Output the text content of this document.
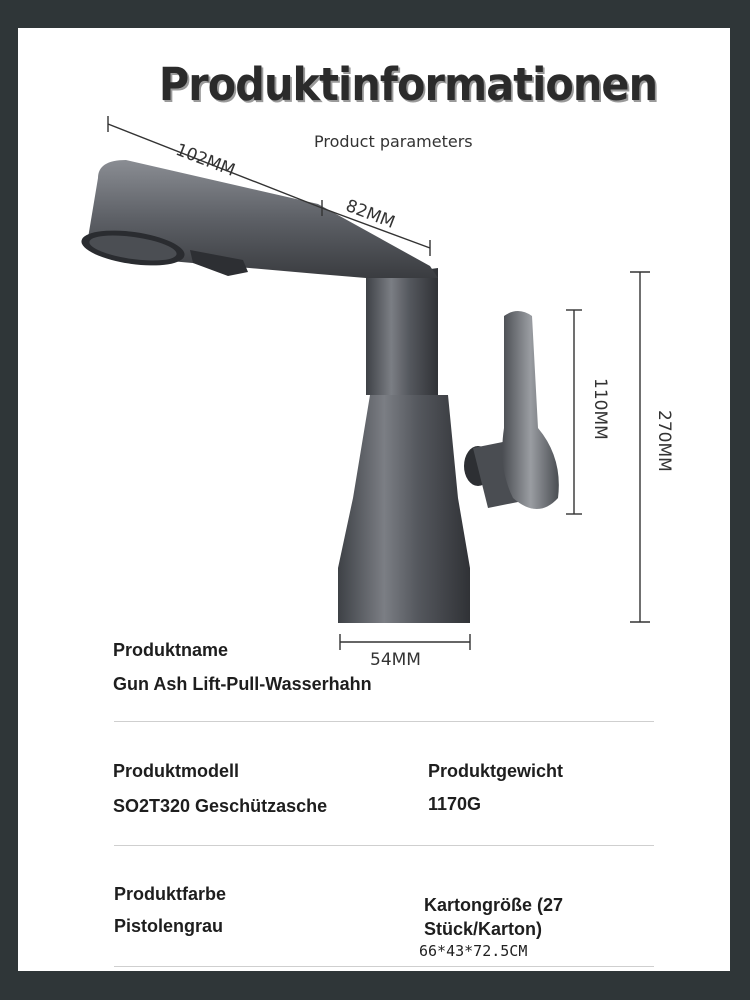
Produktinformationen
Product parameters
102MM
82MM
110MM
270MM
54MM
Produktname
Gun Ash Lift-Pull-Wasserhahn
Produktmodell
SO2T320 Geschützasche
Produktgewicht
1170G
Produktfarbe
Pistolengrau
Kartongröße (27
Stück/Karton)
66*43*72.5CM
